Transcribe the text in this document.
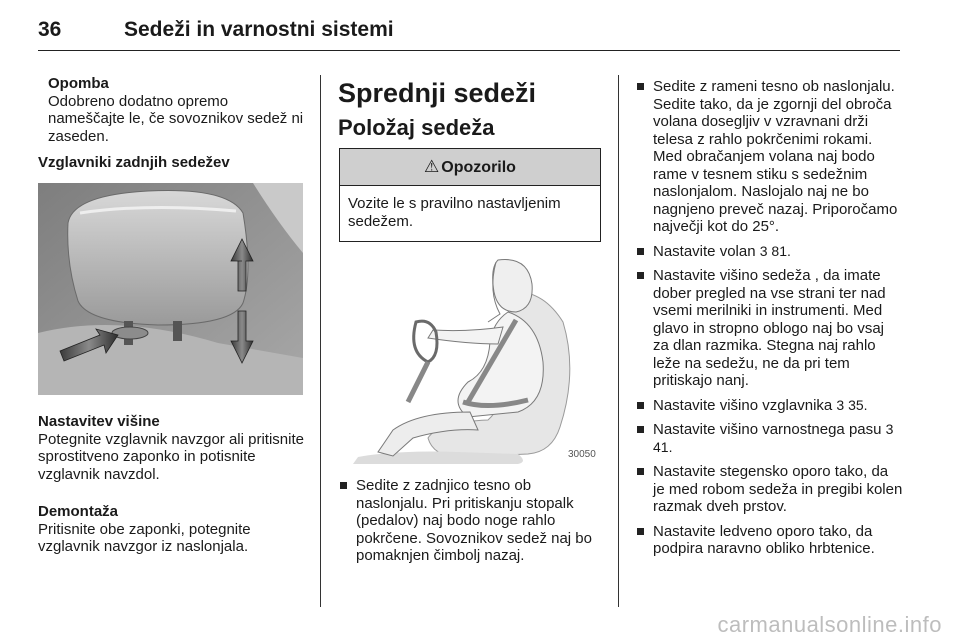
36	Sedeži in varnostni sistemi

Opomba

Odobreno dodatno opremo nameščajte le, če sovoznikov sedež ni zaseden.

Vzglavniki zadnjih sedežev

Nastavitev višine

Potegnite vzglavnik navzgor ali pritisnite sprostitveno zaponko in potisnite vzglavnik navzdol.

Demontaža

Pritisnite obe zaponki, potegnite vzglavnik navzgor iz naslonjala.

Sprednji sedeži
Položaj sedeža
⚠ Opozorilo
Vozite le s pravilno nastavljenim sedežem.
30050
Sedite z zadnjico tesno ob naslonjalu. Pri pritiskanju stopalk (pedalov) naj bodo noge rahlo pokrčene. Sovoznikov sedež naj bo pomaknjen čimbolj nazaj.
Sedite z rameni tesno ob naslonjalu. Sedite tako, da je zgornji del obroča volana dosegljiv v vzravnani drži telesa z rahlo pokrčenimi rokami. Med obračanjem volana naj bodo rame v tesnem stiku s sedežnim naslonjalom. Naslojalo naj ne bo nagnjeno preveč nazaj. Priporočamo največji kot do 25°.
Nastavite volan 3 81.
Nastavite višino sedeža , da imate dober pregled na vse strani ter nad vsemi merilniki in instrumenti. Med glavo in stropno oblogo naj bo vsaj za dlan razmika. Stegna naj rahlo leže na sedežu, ne da pri tem pritiskajo nanj.
Nastavite višino vzglavnika 3 35.
Nastavite višino varnostnega pasu 3 41.
Nastavite stegensko oporo tako, da je med robom sedeža in pregibi kolen razmak dveh prstov.
Nastavite ledveno oporo tako, da podpira naravno obliko hrbtenice.
carmanualsonline.info
